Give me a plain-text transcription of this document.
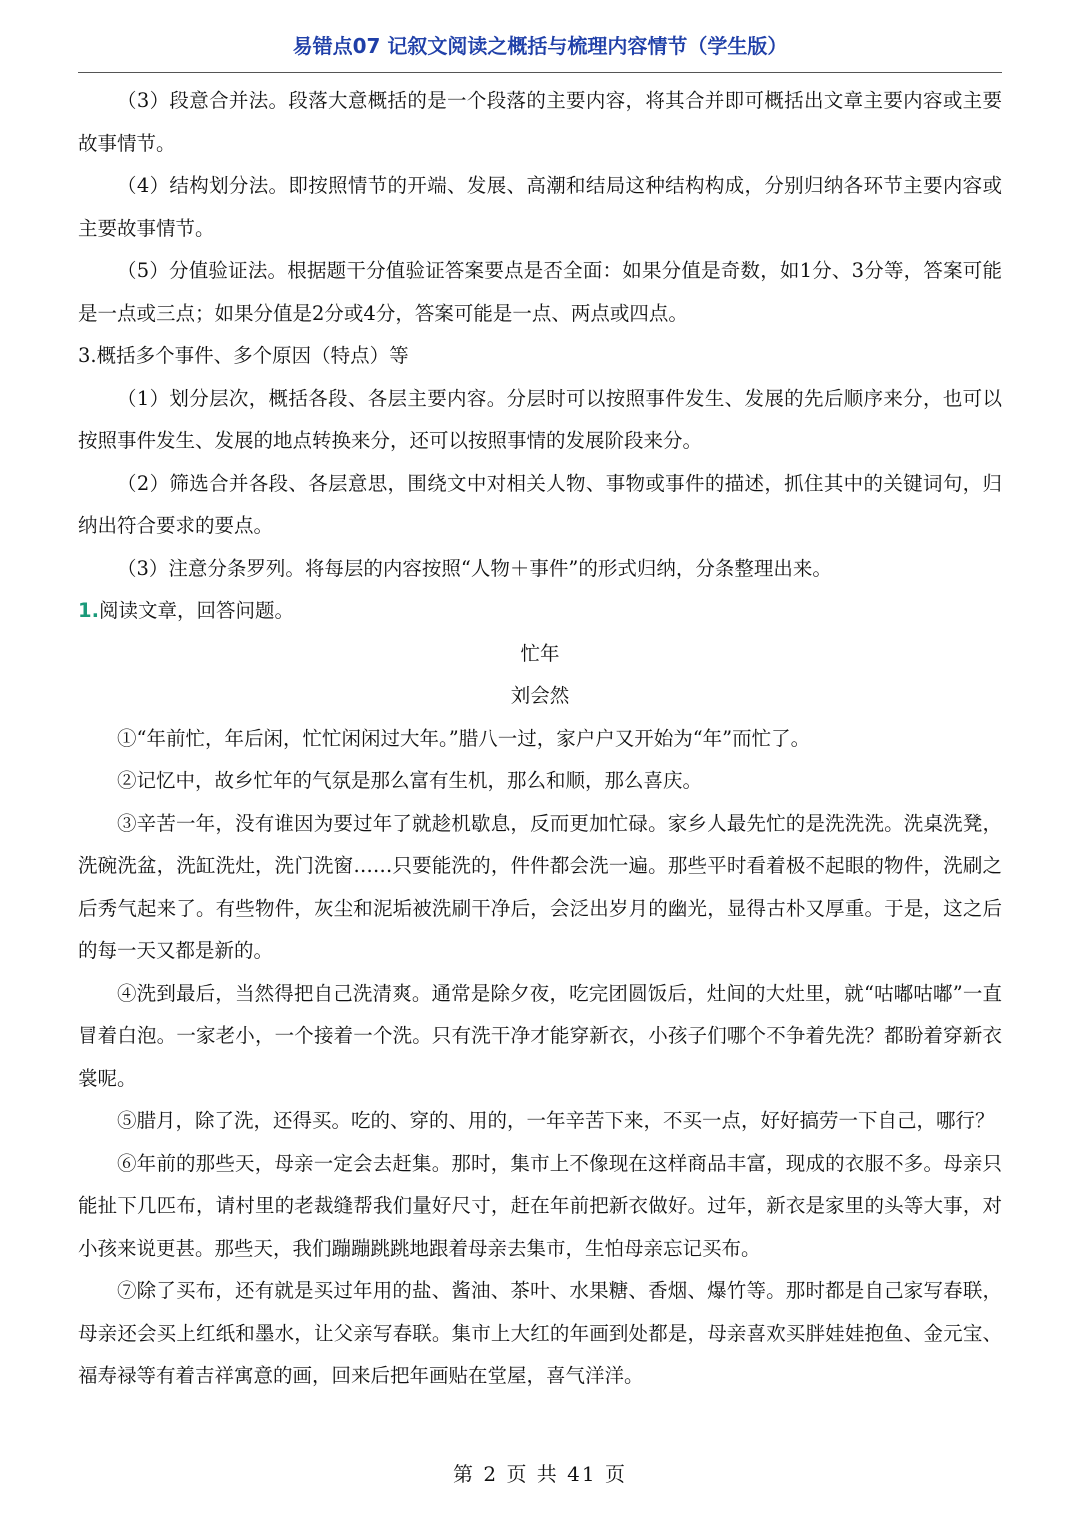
易错点07 记叙文阅读之概括与梳理内容情节（学生版）

（3）段意合并法。段落大意概括的是一个段落的主要内容，将其合并即可概括出文章主要内容或主要故事情节。

（4）结构划分法。即按照情节的开端、发展、高潮和结局这种结构构成，分别归纳各环节主要内容或主要故事情节。

（5）分值验证法。根据题干分值验证答案要点是否全面：如果分值是奇数，如1分、3分等，答案可能是一点或三点；如果分值是2分或4分，答案可能是一点、两点或四点。

3.概括多个事件、多个原因（特点）等

（1）划分层次，概括各段、各层主要内容。分层时可以按照事件发生、发展的先后顺序来分，也可以按照事件发生、发展的地点转换来分，还可以按照事情的发展阶段来分。

（2）筛选合并各段、各层意思，围绕文中对相关人物、事物或事件的描述，抓住其中的关键词句，归纳出符合要求的要点。

（3）注意分条罗列。将每层的内容按照“人物＋事件”的形式归纳，分条整理出来。

1.阅读文章，回答问题。

忙年

刘会然

①“年前忙，年后闲，忙忙闲闲过大年。”腊八一过，家户户又开始为“年”而忙了。

②记忆中，故乡忙年的气氛是那么富有生机，那么和顺，那么喜庆。

③辛苦一年，没有谁因为要过年了就趁机歇息，反而更加忙碌。家乡人最先忙的是洗洗洗。洗桌洗凳，洗碗洗盆，洗缸洗灶，洗门洗窗……只要能洗的，件件都会洗一遍。那些平时看着极不起眼的物件，洗刷之后秀气起来了。有些物件，灰尘和泥垢被洗刷干净后，会泛出岁月的幽光，显得古朴又厚重。于是，这之后的每一天又都是新的。

④洗到最后，当然得把自己洗清爽。通常是除夕夜，吃完团圆饭后，灶间的大灶里，就“咕嘟咕嘟”一直冒着白泡。一家老小，一个接着一个洗。只有洗干净才能穿新衣，小孩子们哪个不争着先洗？都盼着穿新衣裳呢。

⑤腊月，除了洗，还得买。吃的、穿的、用的，一年辛苦下来，不买一点，好好搞劳一下自己，哪行？

⑥年前的那些天，母亲一定会去赶集。那时，集市上不像现在这样商品丰富，现成的衣服不多。母亲只能扯下几匹布，请村里的老裁缝帮我们量好尺寸，赶在年前把新衣做好。过年，新衣是家里的头等大事，对小孩来说更甚。那些天，我们蹦蹦跳跳地跟着母亲去集市，生怕母亲忘记买布。

⑦除了买布，还有就是买过年用的盐、酱油、茶叶、水果糖、香烟、爆竹等。那时都是自己家写春联，母亲还会买上红纸和墨水，让父亲写春联。集市上大红的年画到处都是，母亲喜欢买胖娃娃抱鱼、金元宝、福寿禄等有着吉祥寓意的画，回来后把年画贴在堂屋，喜气洋洋。

第 2 页 共 41 页
